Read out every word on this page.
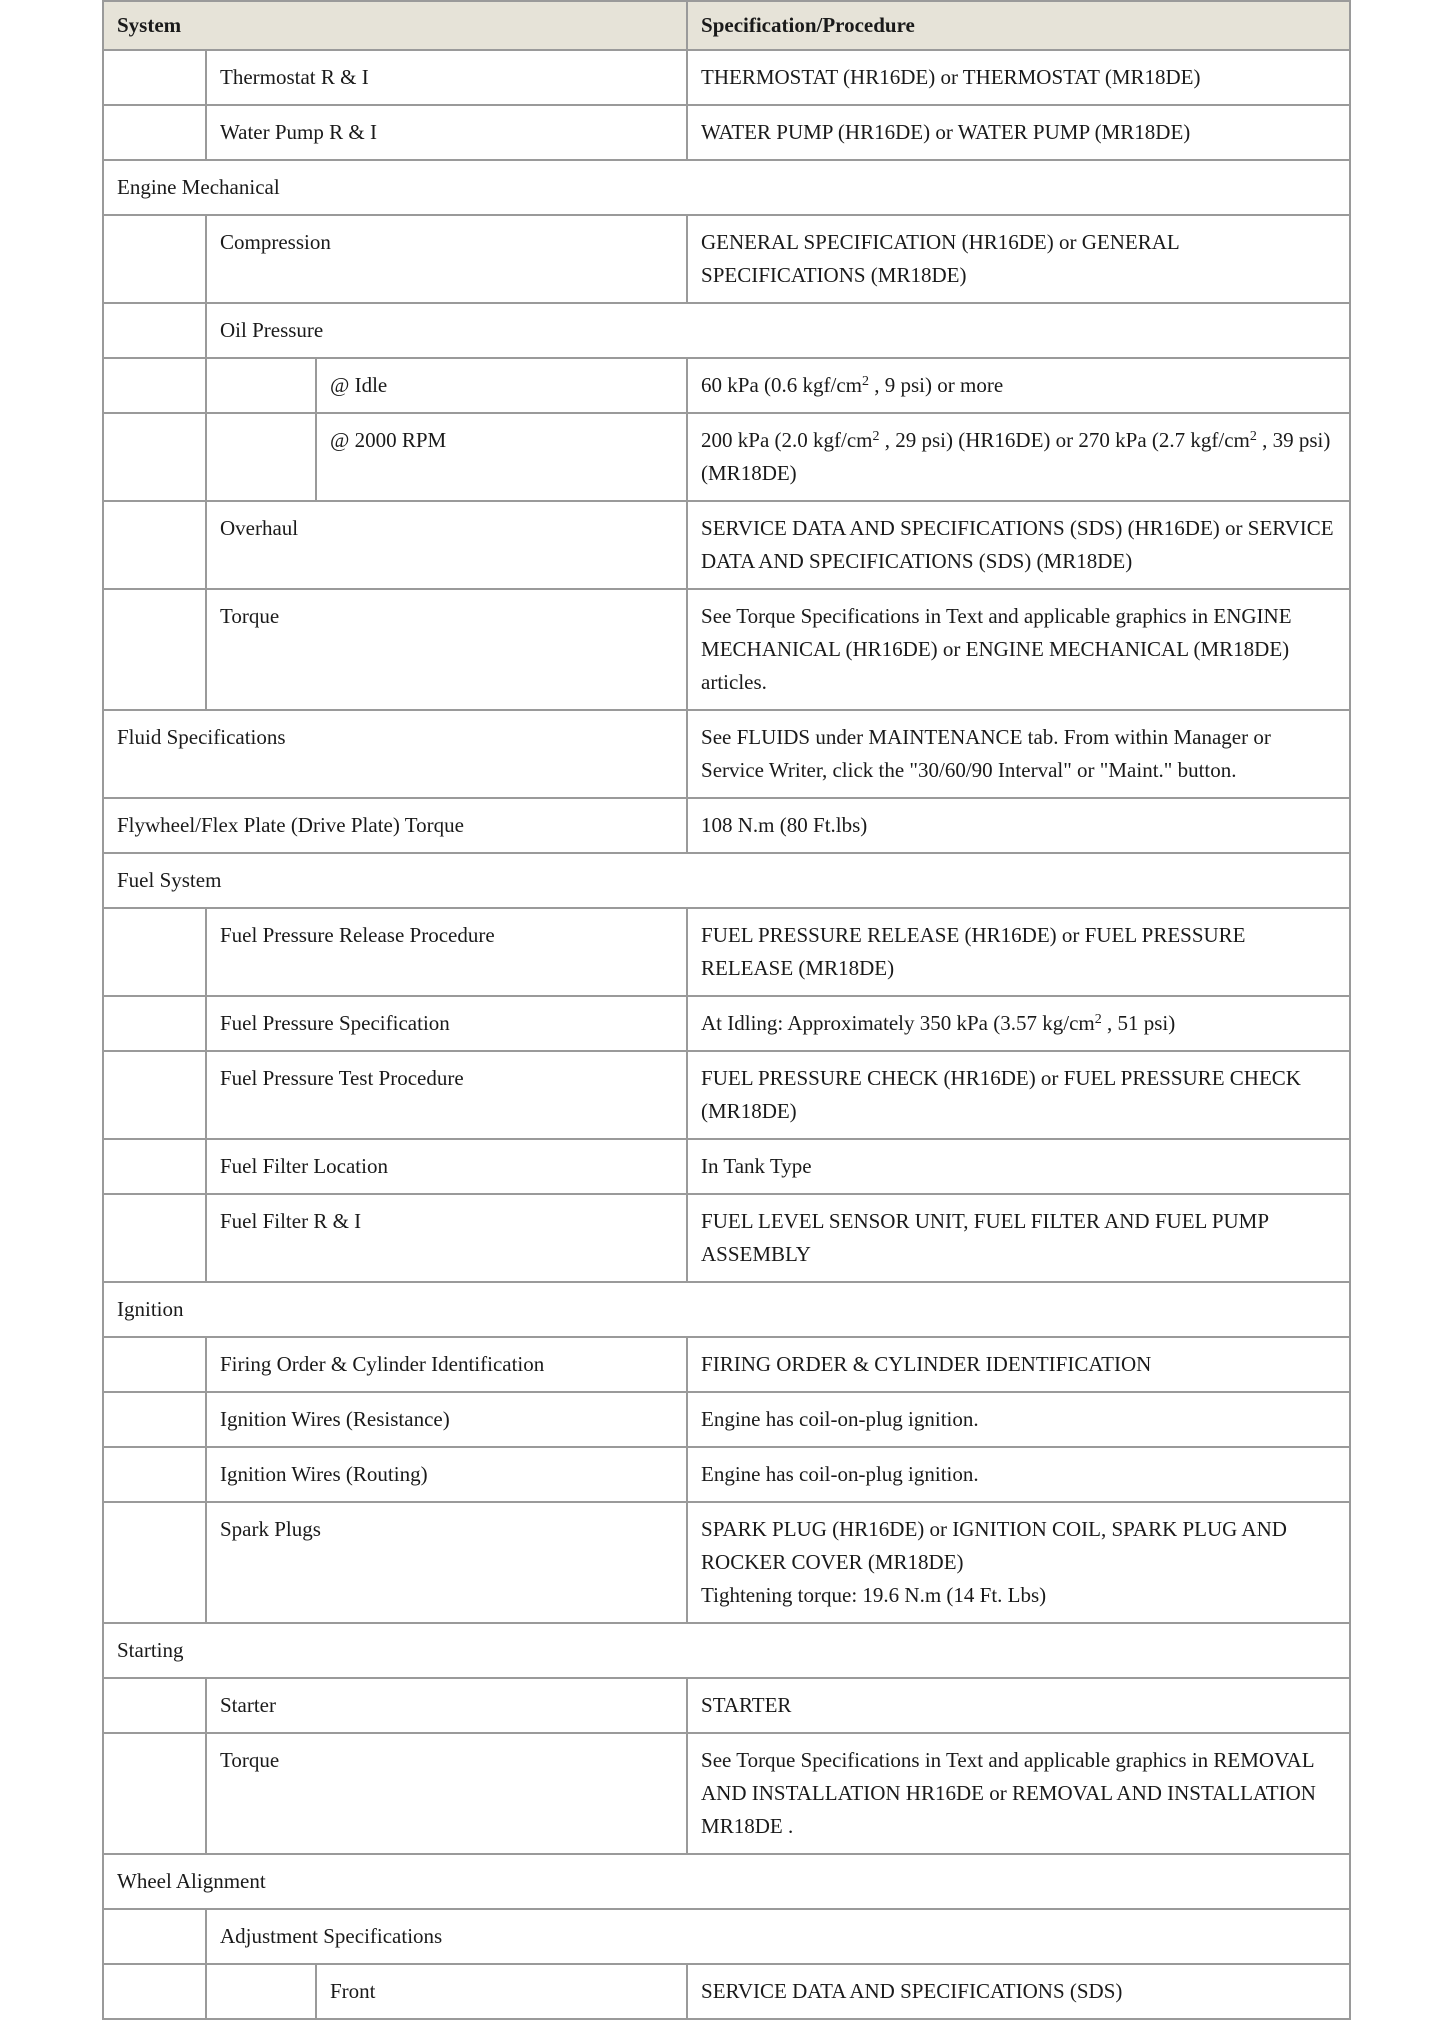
System			Specification/Procedure
	Thermostat R & I		THERMOSTAT (HR16DE) or THERMOSTAT (MR18DE)
	Water Pump R & I		WATER PUMP (HR16DE) or WATER PUMP (MR18DE)
Engine Mechanical			
	Compression		GENERAL SPECIFICATION (HR16DE) or GENERAL SPECIFICATIONS (MR18DE)
	Oil Pressure		
		@ Idle	60 kPa (0.6 kgf/$cm^2$ , 9 psi) or more
		@ 2000 RPM	200 kPa (2.0 kgf/$cm^2$ , 29 psi) (HR16DE) or 270 kPa (2.7 kgf/$cm^2$ , 39 psi) (MR18DE)
	Overhaul		SERVICE DATA AND SPECIFICATIONS (SDS) (HR16DE) or SERVICE DATA AND SPECIFICATIONS (SDS) (MR18DE)
	Torque		See Torque Specifications in Text and applicable graphics in ENGINE MECHANICAL (HR16DE) or ENGINE MECHANICAL (MR18DE) articles.
Fluid Specifications			See FLUIDS under MAINTENANCE tab. From within Manager or Service Writer, click the "30/60/90 Interval" or "Maint." button.
Flywheel/Flex Plate (Drive Plate) Torque			108 N.m (80 Ft.lbs)
Fuel System			
	Fuel Pressure Release Procedure		FUEL PRESSURE RELEASE (HR16DE) or FUEL PRESSURE RELEASE (MR18DE)
	Fuel Pressure Specification		At Idling: Approximately 350 kPa (3.57 $kg/cm^2$ , 51 psi)
	Fuel Pressure Test Procedure		FUEL PRESSURE CHECK (HR16DE) or FUEL PRESSURE CHECK (MR18DE)
	Fuel Filter Location		In Tank Type
	Fuel Filter R & I		FUEL LEVEL SENSOR UNIT, FUEL FILTER AND FUEL PUMP ASSEMBLY
Ignition			
	Firing Order & Cylinder Identification		FIRING ORDER & CYLINDER IDENTIFICATION
	Ignition Wires (Resistance)		Engine has coil-on-plug ignition.
	Ignition Wires (Routing)		Engine has coil-on-plug ignition.
	Spark Plugs		SPARK PLUG (HR16DE) or IGNITION COIL, SPARK PLUG AND ROCKER COVER (MR18DE)
Tightening torque: 19.6 N.m (14 Ft. Lbs)

Starting			
	Starter		STARTER
	Torque		See Torque Specifications in Text and applicable graphics in REMOVAL AND INSTALLATION HR16DE or REMOVAL AND INSTALLATION MR18DE .
Wheel Alignment			
	Adjustment Specifications		
		Front	SERVICE DATA AND SPECIFICATIONS (SDS)
